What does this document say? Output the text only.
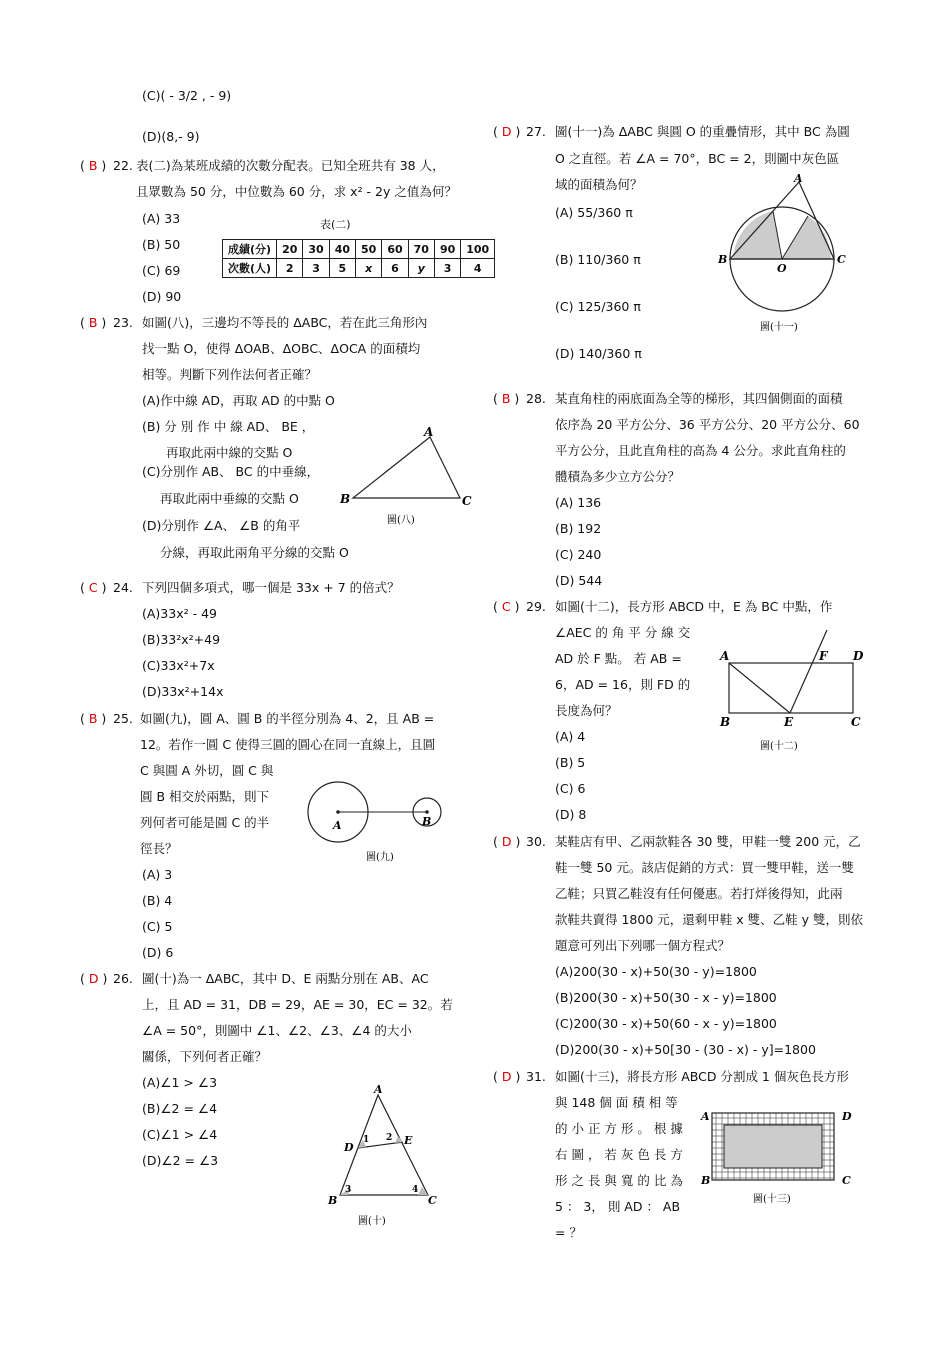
(C)( - 3/2 , - 9)
(D)(8,- 9)
( B ) 22. 表(二)為某班成績的次數分配表。已知全班共有 38 人，
且眾數為 50 分，中位數為 60 分，求 x² - 2y 之值為何？
(A) 33
(B) 50
(C) 69
(D) 90
表(二)
成績(分)	20	30	40	50	60	70	90	100
次數(人)	2	3	5	x	6	y	3	4
( B ) 23. 如圖(八)，三邊均不等長的 ΔABC，若在此三角形內
找一點 O，使得 ΔOAB、ΔOBC、ΔOCA 的面積均
相等。判斷下列作法何者正確？
(A)作中線 AD，再取 AD 的中點 O
(B) 分 別 作 中 線 AD、 BE ，
再取此兩中線的交點 O
(C)分別作 AB、 BC 的中垂線，
再取此兩中垂線的交點 O
(D)分別作 ∠A、 ∠B 的角平
分線，再取此兩角平分線的交點 O
A
B	C
圖(八)
( C ) 24. 下列四個多項式，哪一個是 33x + 7 的倍式？
(A)33x² - 49
(B)33²x²+49
(C)33x²+7x
(D)33x²+14x
( B ) 25. 如圖(九)，圓 A、圓 B 的半徑分別為 4、2，且 AB =
12。若作一圓 C 使得三圓的圓心在同一直線上，且圓
C 與圓 A 外切，圓 C 與
圓 B 相交於兩點，則下
列何者可能是圓 C 的半
徑長？
(A) 3
(B) 4
(C) 5
(D) 6
A	B
圖(九)
( D ) 26. 圖(十)為一 ΔABC，其中 D、E 兩點分別在 AB、AC
上，且 AD = 31，DB = 29，AE = 30，EC = 32。若
∠A = 50°，則圖中 ∠1、∠2、∠3、∠4 的大小
關係，下列何者正確？
(A)∠1 > ∠3
(B)∠2 = ∠4
(C)∠1 > ∠4
(D)∠2 = ∠3
A
D
E
B	C
1 2
3	4
圖(十)
( D ) 27. 圖(十一)為 ΔABC 與圓 O 的重疊情形，其中 BC 為圓
O 之直徑。若 ∠A = 70°，BC = 2，則圖中灰色區
域的面積為何？
(A) 55/360 π
(B) 110/360 π
(C) 125/360 π
(D) 140/360 π
A
B	C
O
圖(十一)
( B ) 28. 某直角柱的兩底面為全等的梯形，其四個側面的面積
依序為 20 平方公分、36 平方公分、20 平方公分、60
平方公分，且此直角柱的高為 4 公分。求此直角柱的
體積為多少立方公分？
(A) 136
(B) 192
(C) 240
(D) 544
( C ) 29. 如圖(十二)，長方形 ABCD 中，E 為 BC 中點，作
∠AEC 的 角 平 分 線 交
AD 於 F 點。 若 AB =
6，AD = 16，則 FD 的
長度為何？
(A) 4
(B) 5
(C) 6
(D) 8
A	F D
B	E	C
圖(十二)
( D ) 30. 某鞋店有甲、乙兩款鞋各 30 雙，甲鞋一雙 200 元，乙
鞋一雙 50 元。該店促銷的方式：買一雙甲鞋，送一雙
乙鞋；只買乙鞋沒有任何優惠。若打烊後得知，此兩
款鞋共賣得 1800 元，還剩甲鞋 x 雙、乙鞋 y 雙，則依
題意可列出下列哪一個方程式？
(A)200(30 - x)+50(30 - y)=1800
(B)200(30 - x)+50(30 - x - y)=1800
(C)200(30 - x)+50(60 - x - y)=1800
(D)200(30 - x)+50[30 - (30 - x) - y]=1800
( D ) 31. 如圖(十三)，將長方形 ABCD 分割成 1 個灰色長方形
與 148 個 面 積 相 等
的 小 正 方 形 。 根 據
右 圖 ， 若 灰 色 長 方
形 之 長 與 寬 的 比 為
5 ： 3， 則 AD ： AB
= ？
A	D
B	C
圖(十三)
